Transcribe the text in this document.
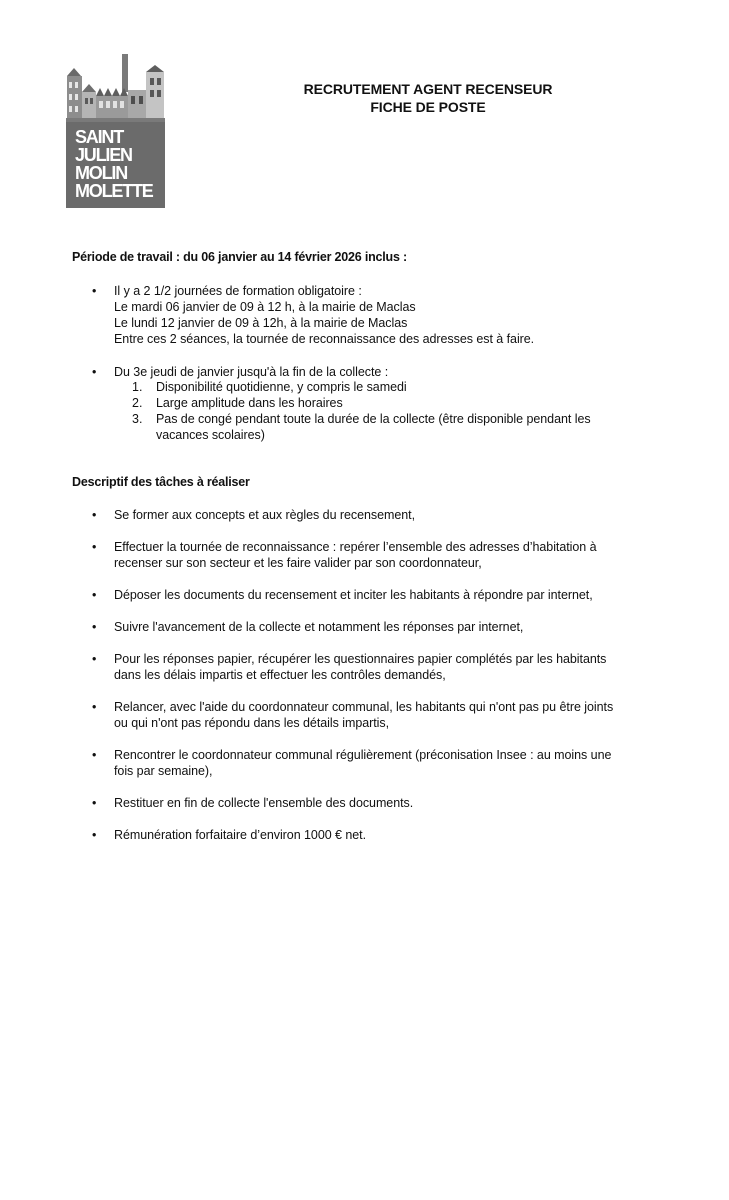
SAINT
JULIEN
MOLIN
MOLETTE
RECRUTEMENT AGENT RECENSEUR
FICHE DE POSTE
Période de travail : du 06 janvier au 14 février 2026 inclus :
• Il y a 2 1/2 journées de formation obligatoire :
Le mardi 06 janvier de 09 à 12 h, à la mairie de Maclas
Le lundi 12 janvier de 09 à 12h, à la mairie de Maclas
Entre ces 2 séances, la tournée de reconnaissance des adresses est à faire.
• Du 3e jeudi de janvier jusqu'à la fin de la collecte :
1. Disponibilité quotidienne, y compris le samedi
2. Large amplitude dans les horaires
3. Pas de congé pendant toute la durée de la collecte (être disponible pendant les
vacances scolaires)
Descriptif des tâches à réaliser
• Se former aux concepts et aux règles du recensement,
• Effectuer la tournée de reconnaissance : repérer l’ensemble des adresses d’habitation à
recenser sur son secteur et les faire valider par son coordonnateur,
• Déposer les documents du recensement et inciter les habitants à répondre par internet,
• Suivre l'avancement de la collecte et notamment les réponses par internet,
• Pour les réponses papier, récupérer les questionnaires papier complétés par les habitants
dans les délais impartis et effectuer les contrôles demandés,
• Relancer, avec l'aide du coordonnateur communal, les habitants qui n'ont pas pu être joints
ou qui n'ont pas répondu dans les détails impartis,
• Rencontrer le coordonnateur communal régulièrement (préconisation Insee : au moins une
fois par semaine),
• Restituer en fin de collecte l'ensemble des documents.
• Rémunération forfaitaire d’environ 1000 € net.
